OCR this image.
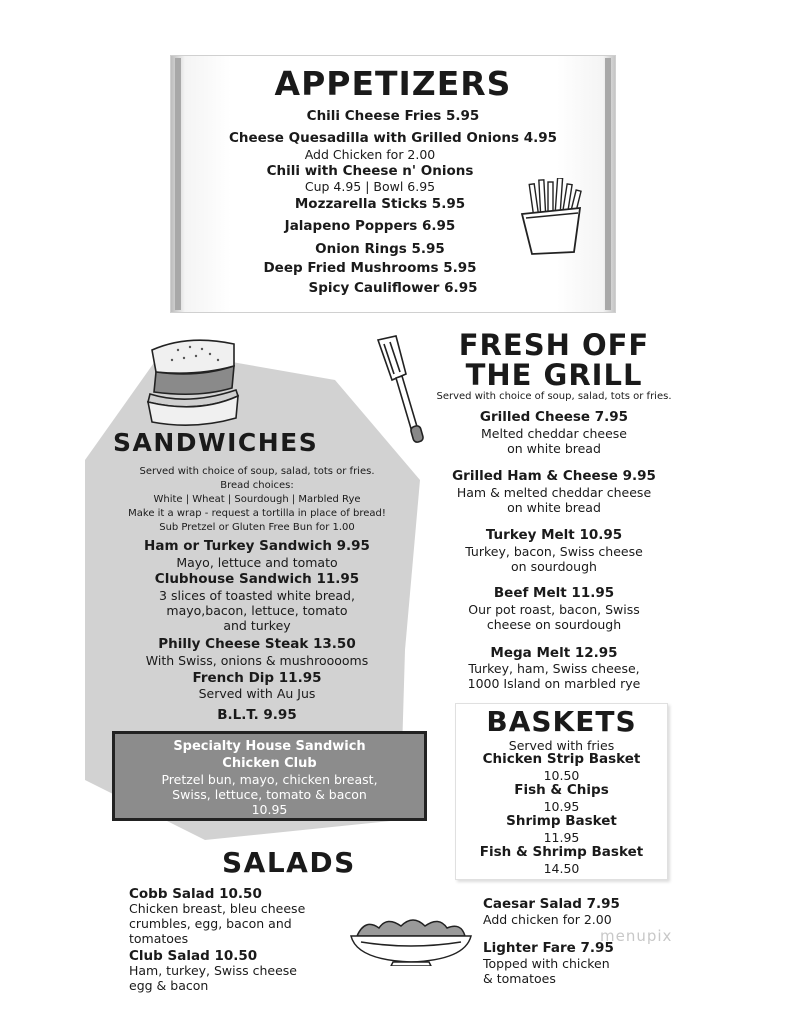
APPETIZERS
Chili Cheese Fries 5.95
Cheese Quesadilla with Grilled Onions 4.95
Add Chicken for 2.00
Chili with Cheese n' Onions
Cup 4.95 | Bowl 6.95
Mozzarella Sticks 5.95
Jalapeno Poppers 6.95
Onion Rings 5.95
Deep Fried Mushrooms 5.95
Spicy Cauliflower 6.95
SANDWICHES
Served with choice of soup, salad, tots or fries.
Bread choices:
White | Wheat | Sourdough | Marbled Rye
Make it a wrap - request a tortilla in place of bread!
Sub Pretzel or Gluten Free Bun for 1.00
Ham or Turkey Sandwich 9.95
Mayo, lettuce and tomato
Clubhouse Sandwich 11.95
3 slices of toasted white bread,
mayo,bacon, lettuce, tomato
and turkey
Philly Cheese Steak 13.50
With Swiss, onions & mushrooooms
French Dip 11.95
Served with Au Jus
B.L.T. 9.95
Specialty House Sandwich
Chicken Club
Pretzel bun, mayo, chicken breast,
Swiss, lettuce, tomato & bacon
10.95
FRESH OFF
THE GRILL
Served with choice of soup, salad, tots or fries.
Grilled Cheese 7.95
Melted cheddar cheese
on white bread
Grilled Ham & Cheese 9.95
Ham & melted cheddar cheese
on white bread
Turkey Melt 10.95
Turkey, bacon, Swiss cheese
on sourdough
Beef Melt 11.95
Our pot roast, bacon, Swiss
cheese on sourdough
Mega Melt 12.95
Turkey, ham, Swiss cheese,
1000 Island on marbled rye
BASKETS
Served with fries
Chicken Strip Basket
10.50
Fish & Chips
10.95
Shrimp Basket
11.95
Fish & Shrimp Basket
14.50
SALADS
Cobb Salad 10.50
Chicken breast, bleu cheese
crumbles, egg, bacon and
tomatoes
Club Salad 10.50
Ham, turkey, Swiss cheese
egg & bacon
Caesar Salad 7.95
Add chicken for 2.00
Lighter Fare 7.95
Topped with chicken
& tomatoes
menupix
